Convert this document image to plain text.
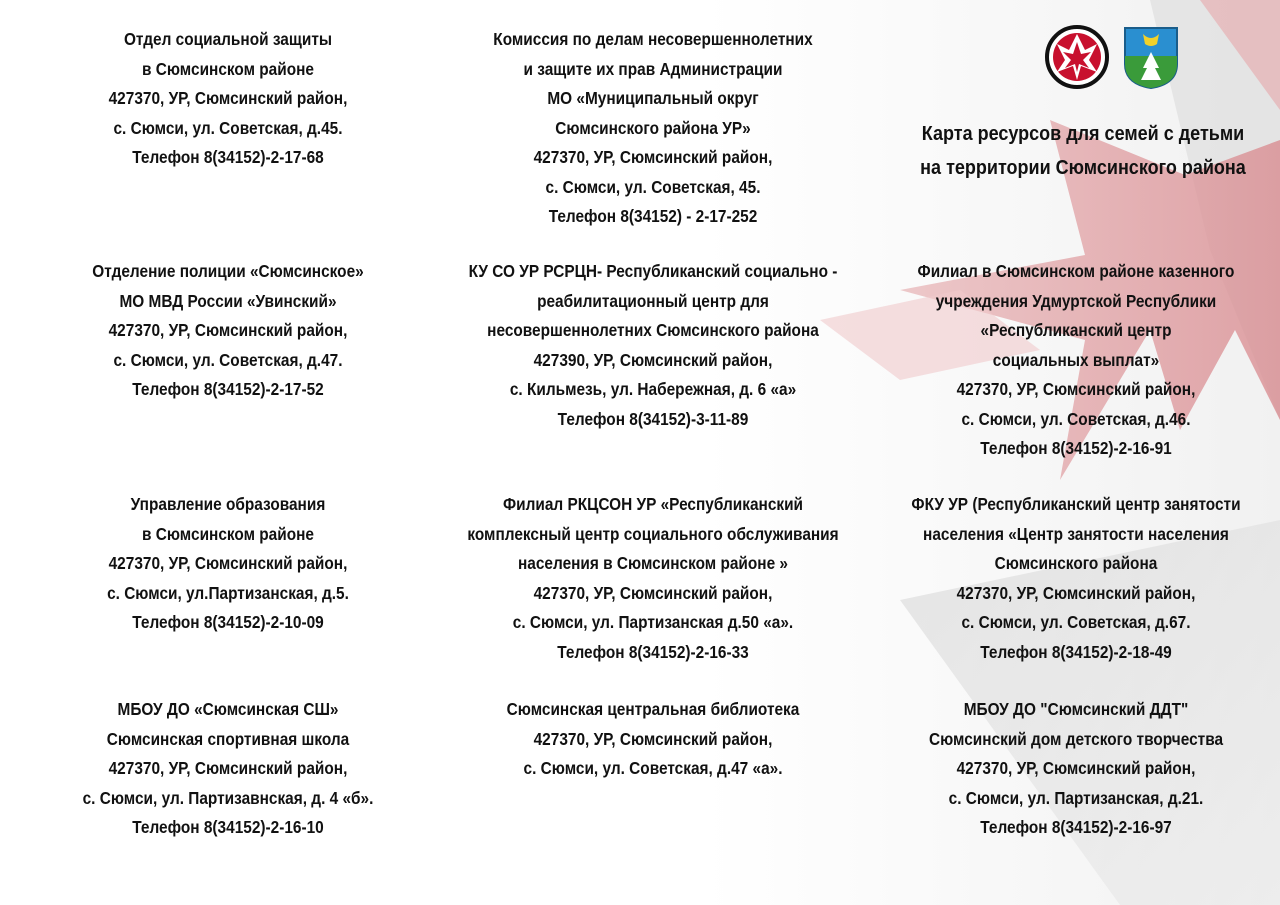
Карта ресурсов для семей с детьми
на территории Сюмсинского района
Отдел социальной защиты
в Сюмсинском районе
427370, УР, Сюмсинский район,
с. Сюмси, ул. Советская, д.45.
Телефон 8(34152)-2-17-68
Комиссия по делам несовершеннолетних
и защите их прав Администрации
МО «Муниципальный округ
Сюмсинского района УР»
427370, УР, Сюмсинский район,
с. Сюмси, ул. Советская, 45.
Телефон 8(34152) - 2-17-252
Отделение полиции «Сюмсинское»
МО МВД России «Увинский»
427370, УР, Сюмсинский район,
с. Сюмси, ул. Советская, д.47.
Телефон 8(34152)-2-17-52
КУ СО УР РСРЦН- Республиканский социально -
реабилитационный центр для
несовершеннолетних Сюмсинского района
427390, УР, Сюмсинский район,
с. Кильмезь, ул. Набережная, д. 6 «а»
Телефон 8(34152)-3-11-89
Филиал в Сюмсинском районе казенного
учреждения Удмуртской Республики
«Республиканский центр
социальных выплат»
427370, УР, Сюмсинский район,
с. Сюмси, ул. Советская, д.46.
Телефон 8(34152)-2-16-91
Управление образования
в Сюмсинском районе
427370, УР, Сюмсинский район,
с. Сюмси, ул.Партизанская, д.5.
Телефон 8(34152)-2-10-09
Филиал РКЦСОН УР «Республиканский
комплексный центр социального обслуживания
населения в Сюмсинском районе »
427370, УР, Сюмсинский район,
с. Сюмси, ул. Партизанская д.50 «а».
Телефон 8(34152)-2-16-33
ФКУ УР (Республиканский центр занятости
населения «Центр занятости населения
Сюмсинского района
427370, УР, Сюмсинский район,
с. Сюмси, ул. Советская, д.67.
Телефон 8(34152)-2-18-49
МБОУ ДО «Сюмсинская СШ»
Сюмсинская спортивная школа
427370, УР, Сюмсинский район,
с. Сюмси, ул. Партизавнская, д. 4 «б».
Телефон 8(34152)-2-16-10
Сюмсинская центральная библиотека
427370, УР, Сюмсинский район,
с. Сюмси, ул. Советская, д.47 «а».
МБОУ ДО "Сюмсинский ДДТ"
Сюмсинский дом детского творчества
427370, УР, Сюмсинский район,
с. Сюмси, ул. Партизанская, д.21.
Телефон 8(34152)-2-16-97
